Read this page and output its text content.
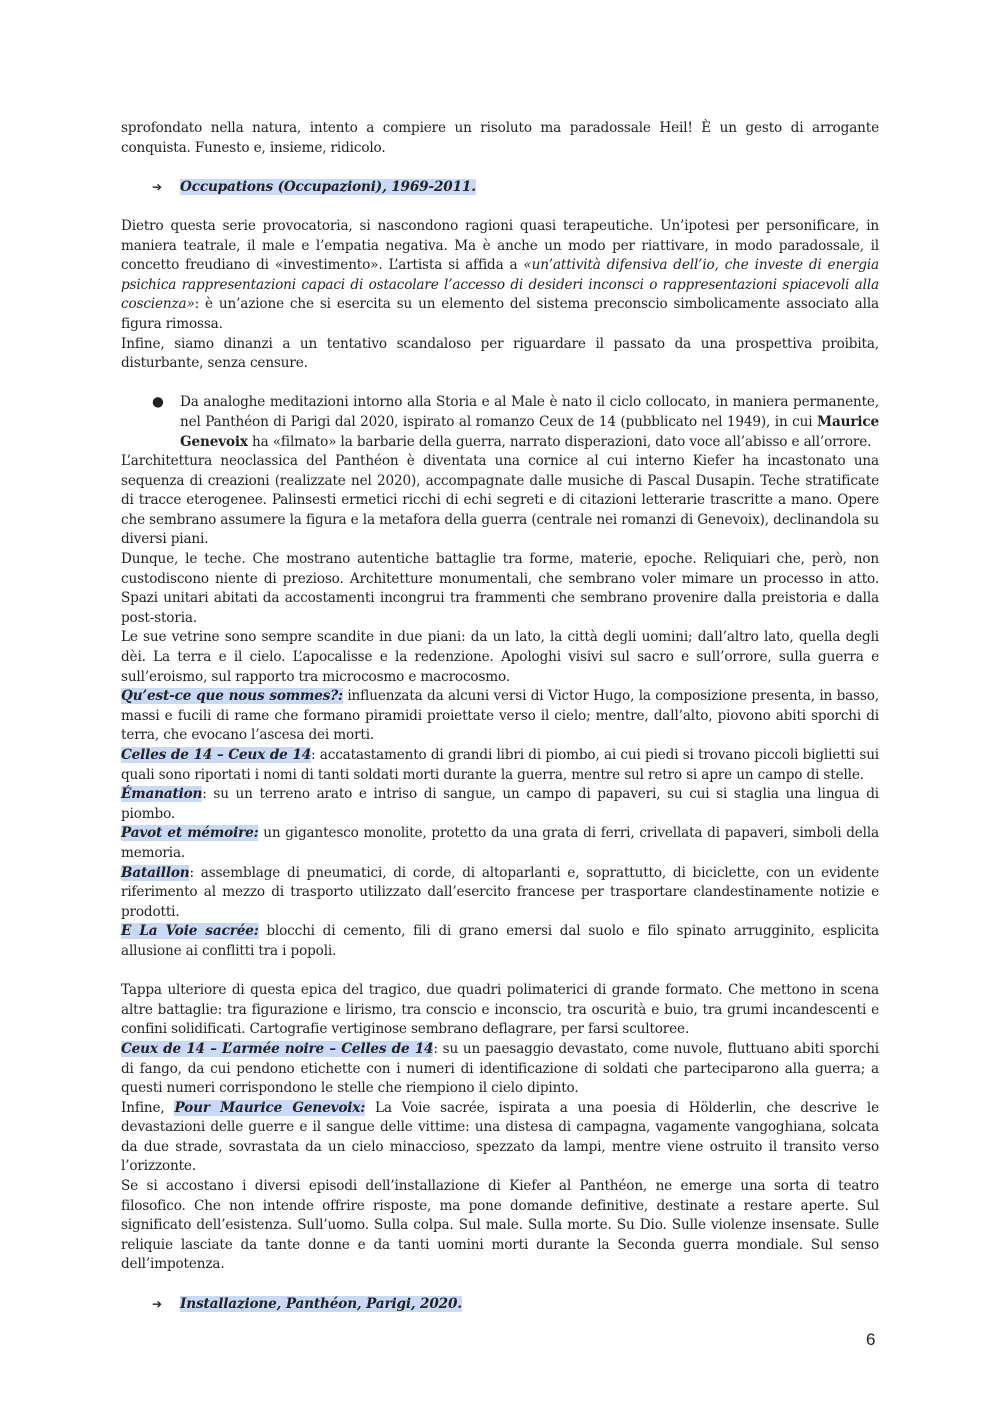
sprofondato nella natura, intento a compiere un risoluto ma paradossale Heil! È un gesto di arrogante conquista. Funesto e, insieme, ridicolo.

➔ Occupations (Occupazioni), 1969-2011.

Dietro questa serie provocatoria, si nascondono ragioni quasi terapeutiche. Un’ipotesi per personificare, in maniera teatrale, il male e l’empatia negativa. Ma è anche un modo per riattivare, in modo paradossale, il concetto freudiano di «investimento». L’artista si affida a «un’attività difensiva dell’io, che investe di energia psichica rappresentazioni capaci di ostacolare l’accesso di desideri inconsci o rappresentazioni spiacevoli alla coscienza»: è un’azione che si esercita su un elemento del sistema preconscio simbolicamente associato alla figura rimossa.

Infine, siamo dinanzi a un tentativo scandaloso per riguardare il passato da una prospettiva proibita, disturbante, senza censure.

● Da analoghe meditazioni intorno alla Storia e al Male è nato il ciclo collocato, in maniera permanente, nel Panthéon di Parigi dal 2020, ispirato al romanzo Ceux de 14 (pubblicato nel 1949), in cui Maurice Genevoix ha «filmato» la barbarie della guerra, narrato disperazioni, dato voce all’abisso e all’orrore.

L’architettura neoclassica del Panthéon è diventata una cornice al cui interno Kiefer ha incastonato una sequenza di creazioni (realizzate nel 2020), accompagnate dalle musiche di Pascal Dusapin. Teche stratificate di tracce eterogenee. Palinsesti ermetici ricchi di echi segreti e di citazioni letterarie trascritte a mano. Opere che sembrano assumere la figura e la metafora della guerra (centrale nei romanzi di Genevoix), declinandola su diversi piani.

Dunque, le teche. Che mostrano autentiche battaglie tra forme, materie, epoche. Reliquiari che, però, non custodiscono niente di prezioso. Architetture monumentali, che sembrano voler mimare un processo in atto. Spazi unitari abitati da accostamenti incongrui tra frammenti che sembrano provenire dalla preistoria e dalla post-storia.

Le sue vetrine sono sempre scandite in due piani: da un lato, la città degli uomini; dall’altro lato, quella degli dèi. La terra e il cielo. L’apocalisse e la redenzione. Apologhi visivi sul sacro e sull’orrore, sulla guerra e sull’eroismo, sul rapporto tra microcosmo e macrocosmo.

Qu’est-ce que nous sommes?: influenzata da alcuni versi di Victor Hugo, la composizione presenta, in basso, massi e fucili di rame che formano piramidi proiettate verso il cielo; mentre, dall’alto, piovono abiti sporchi di terra, che evocano l’ascesa dei morti.

Celles de 14 – Ceux de 14: accatastamento di grandi libri di piombo, ai cui piedi si trovano piccoli biglietti sui quali sono riportati i nomi di tanti soldati morti durante la guerra, mentre sul retro si apre un campo di stelle.

Émanation: su un terreno arato e intriso di sangue, un campo di papaveri, su cui si staglia una lingua di piombo.

Pavot et mémoire: un gigantesco monolite, protetto da una grata di ferri, crivellata di papaveri, simboli della memoria.

Bataillon: assemblage di pneumatici, di corde, di altoparlanti e, soprattutto, di biciclette, con un evidente riferimento al mezzo di trasporto utilizzato dall’esercito francese per trasportare clandestinamente notizie e prodotti.

E La Voie sacrée: blocchi di cemento, fili di grano emersi dal suolo e filo spinato arrugginito, esplicita allusione ai conflitti tra i popoli.

Tappa ulteriore di questa epica del tragico, due quadri polimaterici di grande formato. Che mettono in scena altre battaglie: tra figurazione e lirismo, tra conscio e inconscio, tra oscurità e buio, tra grumi incandescenti e confini solidificati. Cartografie vertiginose sembrano deflagrare, per farsi scultoree.

Ceux de 14 – L’armée noire – Celles de 14: su un paesaggio devastato, come nuvole, fluttuano abiti sporchi di fango, da cui pendono etichette con i numeri di identificazione di soldati che parteciparono alla guerra; a questi numeri corrispondono le stelle che riempiono il cielo dipinto.

Infine, Pour Maurice Genevoix: La Voie sacrée, ispirata a una poesia di Hölderlin, che descrive le devastazioni delle guerre e il sangue delle vittime: una distesa di campagna, vagamente vangoghiana, solcata da due strade, sovrastata da un cielo minaccioso, spezzato da lampi, mentre viene ostruito il transito verso l’orizzonte.

Se si accostano i diversi episodi dell’installazione di Kiefer al Panthéon, ne emerge una sorta di teatro filosofico. Che non intende offrire risposte, ma pone domande definitive, destinate a restare aperte. Sul significato dell’esistenza. Sull’uomo. Sulla colpa. Sul male. Sulla morte. Su Dio. Sulle violenze insensate. Sulle reliquie lasciate da tante donne e da tanti uomini morti durante la Seconda guerra mondiale. Sul senso dell’impotenza.

➔ Installazione, Panthéon, Parigi, 2020.

6
